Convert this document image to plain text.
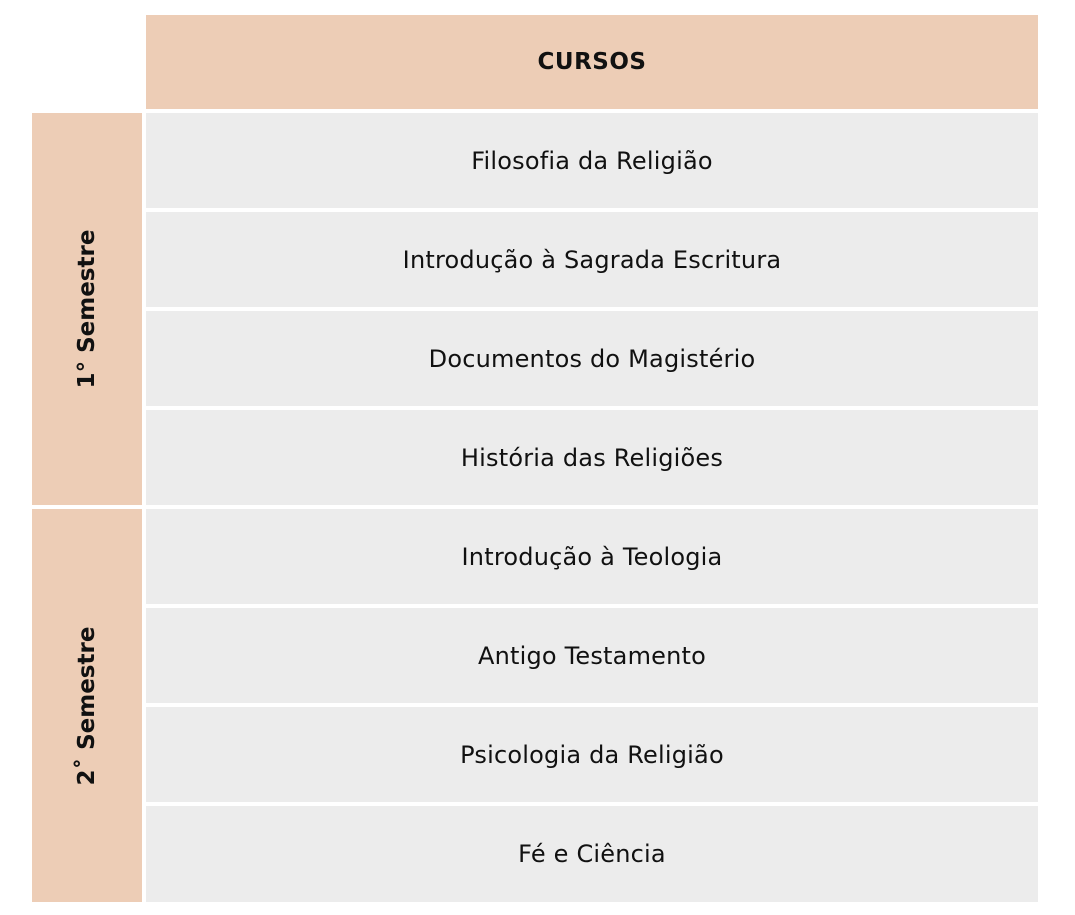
CURSOS
1° Semestre
2˚ Semestre
Filosofia da Religião
Introdução à Sagrada Escritura
Documentos do Magistério
História das Religiões
Introdução à Teologia
Antigo Testamento
Psicologia da Religião
Fé e Ciência
